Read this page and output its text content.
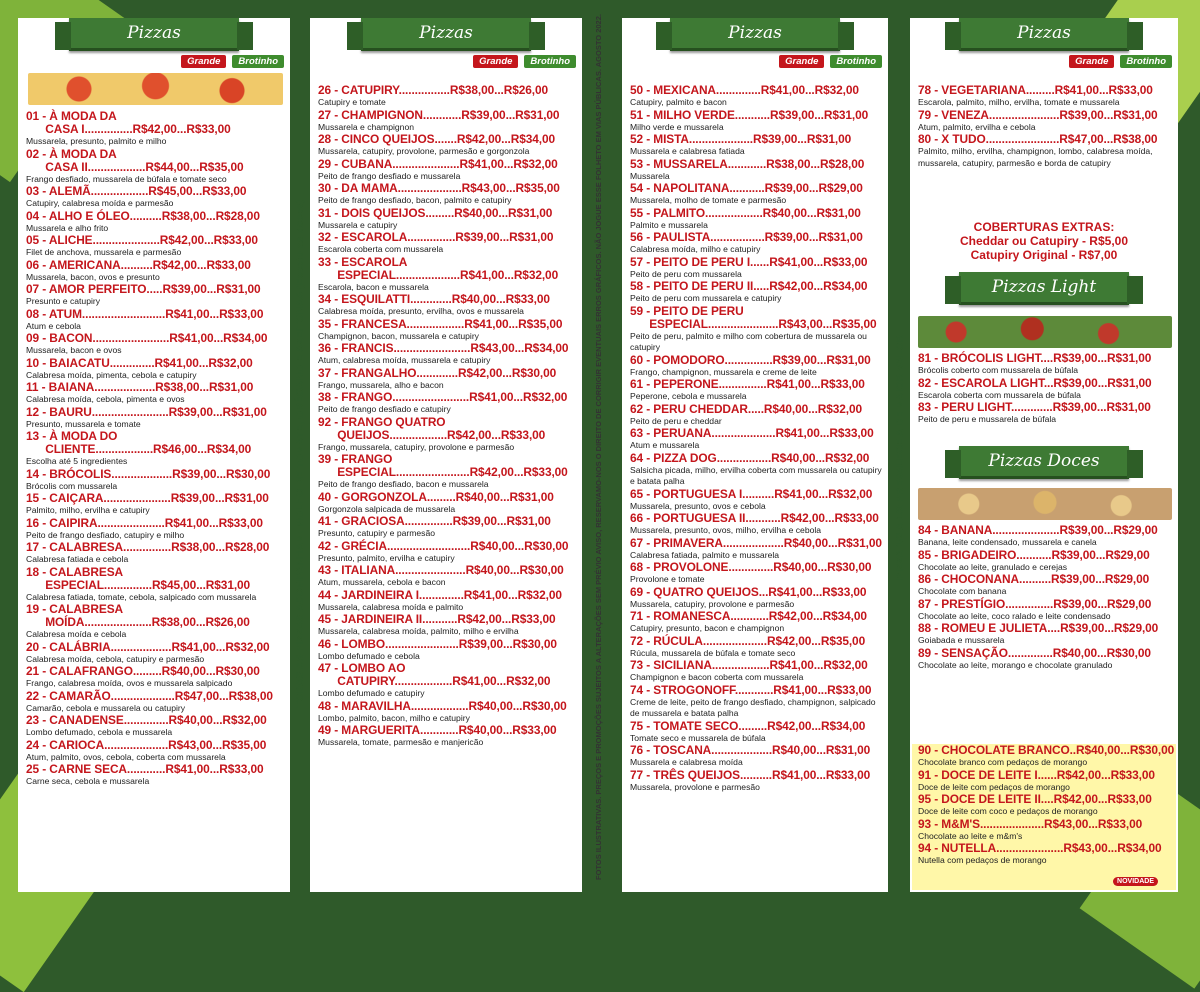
Pizzas
Grande	Brotinho
01 - À MODA DA
CASA I...............R$42,00...R$33,00
Mussarela, presunto, palmito e milho
02 - À MODA DA
CASA II..................R$44,00...R$35,00
Frango desfiado, mussarela de búfala e tomate seco
03 - ALEMÃ..................R$45,00...R$33,00
Catupiry, calabresa moída e parmesão
04 - ALHO E ÓLEO..........R$38,00...R$28,00
Mussarela e alho frito
05 - ALICHE.....................R$42,00...R$33,00
Filet de anchova, mussarela e parmesão
06 - AMERICANA..........R$42,00...R$33,00
Mussarela, bacon, ovos e presunto
07 - AMOR PERFEITO.....R$39,00...R$31,00
Presunto e catupiry
08 - ATUM..........................R$41,00...R$33,00
Atum e cebola
09 - BACON........................R$41,00...R$34,00
Mussarela, bacon e ovos
10 - BAIACATU..............R$41,00...R$32,00
Calabresa moída, pimenta, cebola e catupiry
11 - BAIANA...................R$38,00...R$31,00
Calabresa moída, cebola, pimenta e ovos
12 - BAURU........................R$39,00...R$31,00
Presunto, mussarela e tomate
13 - À MODA DO
CLIENTE..................R$46,00...R$34,00
Escolha até 5 ingredientes
14 - BRÓCOLIS...................R$39,00...R$30,00
Brócolis com mussarela
15 - CAIÇARA.....................R$39,00...R$31,00
Palmito, milho, ervilha e catupiry
16 - CAIPIRA.....................R$41,00...R$33,00
Peito de frango desfiado, catupiry e milho
17 - CALABRESA...............R$38,00...R$28,00
Calabresa fatiada e cebola
18 - CALABRESA
ESPECIAL...............R$45,00...R$31,00
Calabresa fatiada, tomate, cebola, salpicado com mussarela
19 - CALABRESA
MOÍDA.....................R$38,00...R$26,00
Calabresa moída e cebola
20 - CALÁBRIA...................R$41,00...R$32,00
Calabresa moída, cebola, catupiry e parmesão
21 - CALAFRANGO.........R$40,00...R$30,00
Frango, calabresa moída, ovos e mussarela salpicado
22 - CAMARÃO....................R$47,00...R$38,00
Camarão, cebola e mussarela ou catupiry
23 - CANADENSE..............R$40,00...R$32,00
Lombo defumado, cebola e mussarela
24 - CARIOCA....................R$43,00...R$35,00
Atum, palmito, ovos, cebola, coberta com mussarela
25 - CARNE SECA............R$41,00...R$33,00
Carne seca, cebola e mussarela
Pizzas
Grande	Brotinho
26 - CATUPIRY................R$38,00...R$26,00
Catupiry e tomate
27 - CHAMPIGNON............R$39,00...R$31,00
Mussarela e champignon
28 - CINCO QUEIJOS.......R$42,00...R$34,00
Mussarela, catupiry, provolone, parmesão e gorgonzola
29 - CUBANA.....................R$41,00...R$32,00
Peito de frango desfiado e mussarela
30 - DA MAMA....................R$43,00...R$35,00
Peito de frango desfiado, bacon, palmito e catupiry
31 - DOIS QUEIJOS.........R$40,00...R$31,00
Mussarela e catupiry
32 - ESCAROLA...............R$39,00...R$31,00
Escarola coberta com mussarela
33 - ESCAROLA
ESPECIAL....................R$41,00...R$32,00
Escarola, bacon e mussarela
34 - ESQUILATTI.............R$40,00...R$33,00
Calabresa moída, presunto, ervilha, ovos e mussarela
35 - FRANCESA..................R$41,00...R$35,00
Champignon, bacon, mussarela e catupiry
36 - FRANCIS........................R$43,00...R$34,00
Atum, calabresa moída, mussarela e catupiry
37 - FRANGALHO.............R$42,00...R$30,00
Frango, mussarela, alho e bacon
38 - FRANGO........................R$41,00...R$32,00
Peito de frango desfiado e catupiry
92 - FRANGO QUATRO
QUEIJOS..................R$42,00...R$33,00
Frango, mussarela, catupiry, provolone e parmesão
39 - FRANGO
ESPECIAL.......................R$42,00...R$33,00
Peito de frango desfiado, bacon e mussarela
40 - GORGONZOLA.........R$40,00...R$31,00
Gorgonzola salpicada de mussarela
41 - GRACIOSA...............R$39,00...R$31,00
Presunto, catupiry e parmesão
42 - GRÉCIA..........................R$40,00...R$30,00
Presunto, palmito, ervilha e catupiry
43 - ITALIANA......................R$40,00...R$30,00
Atum, mussarela, cebola e bacon
44 - JARDINEIRA I..............R$41,00...R$32,00
Mussarela, calabresa moída e palmito
45 - JARDINEIRA II...........R$42,00...R$33,00
Mussarela, calabresa moída, palmito, milho e ervilha
46 - LOMBO.......................R$39,00...R$30,00
Lombo defumado e cebola
47 - LOMBO AO
CATUPIRY..................R$41,00...R$32,00
Lombo defumado e catupiry
48 - MARAVILHA..................R$40,00...R$30,00
Lombo, palmito, bacon, milho e catupiry
49 - MARGUERITA............R$40,00...R$33,00
Mussarela, tomate, parmesão e manjericão
Pizzas
Grande	Brotinho
50 - MEXICANA..............R$41,00...R$32,00
Catupiry, palmito e bacon
51 - MILHO VERDE...........R$39,00...R$31,00
Milho verde e mussarela
52 - MISTA....................R$39,00...R$31,00
Mussarela e calabresa fatiada
53 - MUSSARELA............R$38,00...R$28,00
Mussarela
54 - NAPOLITANA...........R$39,00...R$29,00
Mussarela, molho de tomate e parmesão
55 - PALMITO..................R$40,00...R$31,00
Palmito e mussarela
56 - PAULISTA.................R$39,00...R$31,00
Calabresa moída, milho e catupiry
57 - PEITO DE PERU I......R$41,00...R$33,00
Peito de peru com mussarela
58 - PEITO DE PERU II.....R$42,00...R$34,00
Peito de peru com mussarela e catupiry
59 - PEITO DE PERU
ESPECIAL......................R$43,00...R$35,00
Peito de peru, palmito e milho com cobertura de mussarela ou catupiry
60 - POMODORO...............R$39,00...R$31,00
Frango, champignon, mussarela e creme de leite
61 - PEPERONE...............R$41,00...R$33,00
Peperone, cebola e mussarela
62 - PERU CHEDDAR.....R$40,00...R$32,00
Peito de peru e cheddar
63 - PERUANA....................R$41,00...R$33,00
Atum e mussarela
64 - PIZZA DOG.................R$40,00...R$32,00
Salsicha picada, milho, ervilha coberta com mussarela ou catupiry e batata palha
65 - PORTUGUESA I..........R$41,00...R$32,00
Mussarela, presunto, ovos e cebola
66 - PORTUGUESA II...........R$42,00...R$33,00
Mussarela, presunto, ovos, milho, ervilha e cebola
67 - PRIMAVERA...................R$40,00...R$31,00
Calabresa fatiada, palmito e mussarela
68 - PROVOLONE..............R$40,00...R$30,00
Provolone e tomate
69 - QUATRO QUEIJOS...R$41,00...R$33,00
Mussarela, catupiry, provolone e parmesão
71 - ROMANESCA............R$42,00...R$34,00
Catupiry, presunto, bacon e champignon
72 - RÚCULA....................R$42,00...R$35,00
Rúcula, mussarela de búfala e tomate seco
73 - SICILIANA..................R$41,00...R$32,00
Champignon e bacon coberta com mussarela
74 - STROGONOFF............R$41,00...R$33,00
Creme de leite, peito de frango desfiado, champignon, salpicado de mussarela e batata palha
75 - TOMATE SECO.........R$42,00...R$34,00
Tomate seco e mussarela de búfala
76 - TOSCANA...................R$40,00...R$31,00
Mussarela e calabresa moída
77 - TRÊS QUEIJOS..........R$41,00...R$33,00
Mussarela, provolone e parmesão
Pizzas
Grande	Brotinho
78 - VEGETARIANA.........R$41,00...R$33,00
Escarola, palmito, milho, ervilha, tomate e mussarela
79 - VENEZA......................R$39,00...R$31,00
Atum, palmito, ervilha e cebola
80 - X TUDO.......................R$47,00...R$38,00
Palmito, milho, ervilha, champignon, lombo, calabresa moída, mussarela, catupiry, parmesão e borda de catupiry
COBERTURAS EXTRAS:
Cheddar ou Catupiry - R$5,00
Catupiry Original - R$7,00
Pizzas Light
81 - BRÓCOLIS LIGHT....R$39,00...R$31,00
Brócolis coberto com mussarela de búfala
82 - ESCAROLA LIGHT...R$39,00...R$31,00
Escarola coberta com mussarela de búfala
83 - PERU LIGHT.............R$39,00...R$31,00
Peito de peru e mussarela de búfala
Pizzas Doces
84 - BANANA.....................R$39,00...R$29,00
Banana, leite condensado, mussarela e canela
85 - BRIGADEIRO...........R$39,00...R$29,00
Chocolate ao leite, granulado e cerejas
86 - CHOCONANA..........R$39,00...R$29,00
Chocolate com banana
87 - PRESTÍGIO...............R$39,00...R$29,00
Chocolate ao leite, coco ralado e leite condensado
88 - ROMEU E JULIETA....R$39,00...R$29,00
Goiabada e mussarela
89 - SENSAÇÃO..............R$40,00...R$30,00
Chocolate ao leite, morango e chocolate granulado
90 - CHOCOLATE BRANCO..R$40,00...R$30,00
Chocolate branco com pedaços de morango
91 - DOCE DE LEITE I......R$42,00...R$33,00
Doce de leite com pedaços de morango
95 - DOCE DE LEITE II....R$42,00...R$33,00
Doce de leite com coco e pedaços de morango
93 - M&M'S....................R$43,00...R$33,00
Chocolate ao leite e m&m's
94 - NUTELLA.....................R$43,00...R$34,00
Nutella com pedaços de morango
NOVIDADE
TODAS AS PIZZAS ACOMPANHAM: MOLHO DE TOMATE, ORÉGANO E AZEITONAS (Exceto as doces)	FOTOS ILUSTRATIVAS. PREÇOS E PROMOÇÕES SUJEITOS A ALTERAÇÕES SEM PRÉVIO AVISO, RESERVAMO-NOS O DIREITO DE CORRIGIR EVENTUAIS ERROS GRÁFICOS. NÃO JOGUE ESSE FOLHETO EM VIAS PÚBLICAS. AGOSTO 2022.	PIZZA 1/2 A 1/2 PREVALECE A DE MAIOR VALOR
